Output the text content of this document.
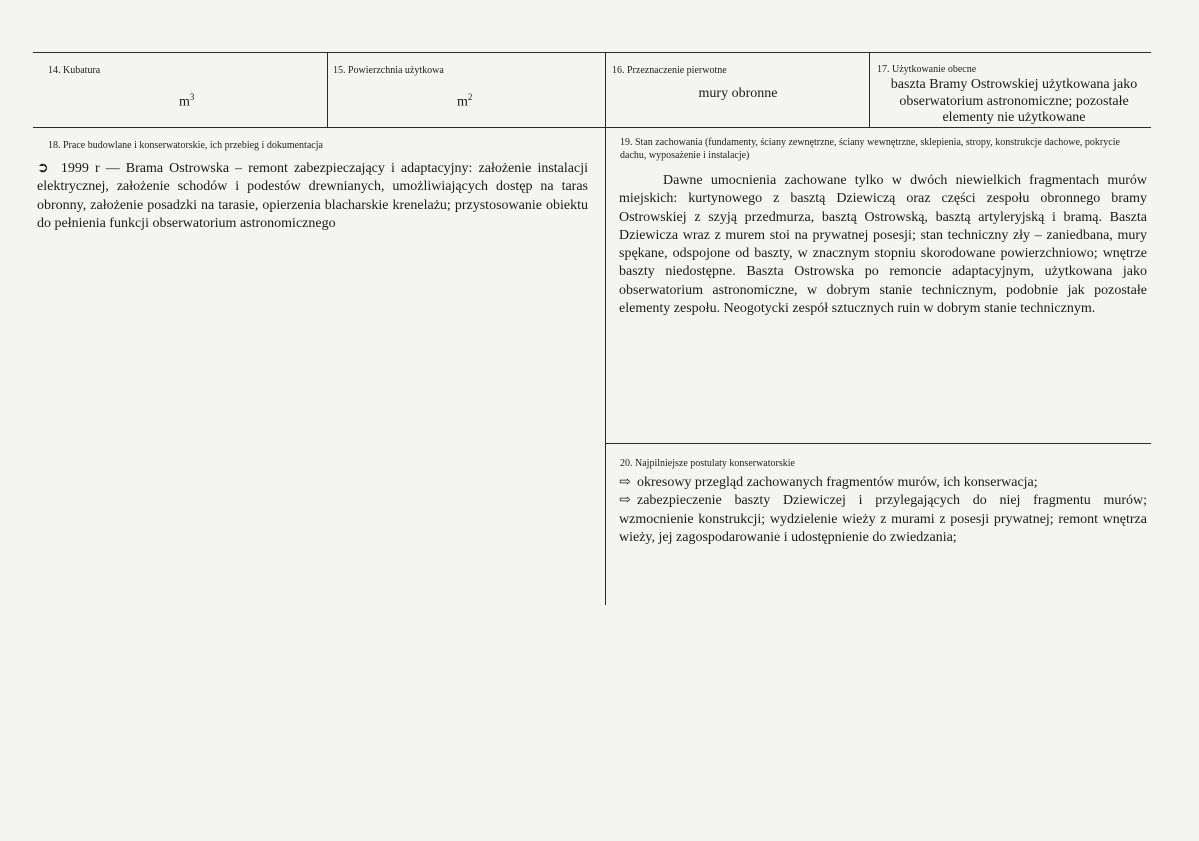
14. Kubatura
$m^3$
15. Powierzchnia użytkowa
$m^2$
16. Przeznaczenie pierwotne
mury obronne
17. Użytkowanie obecne
baszta Bramy Ostrowskiej użytkowana jako obserwatorium astronomiczne; pozostałe elementy nie użytkowane
18. Prace budowlane i konserwatorskie, ich przebieg i dokumentacja
➲ 1999 r — Brama Ostrowska – remont zabezpieczający i adaptacyjny: założenie instalacji elektrycznej, założenie schodów i podestów drewnianych, umożliwiających dostęp na taras obronny, założenie posadzki na tarasie, opierzenia blacharskie krenelażu; przystosowanie obiektu do pełnienia funkcji obserwatorium astronomicznego
19. Stan zachowania (fundamenty, ściany zewnętrzne, ściany wewnętrzne, sklepienia, stropy, konstrukcje dachowe, pokrycie dachu, wyposażenie i instalacje)
Dawne umocnienia zachowane tylko w dwóch niewielkich fragmentach murów miejskich: kurtynowego z basztą Dziewiczą oraz części zespołu obronnego bramy Ostrowskiej z szyją przedmurza, basztą Ostrowską, basztą artyleryjską i bramą. Baszta Dziewicza wraz z murem stoi na prywatnej posesji; stan techniczny zły – zaniedbana, mury spękane, odspojone od baszty, w znacznym stopniu skorodowane powierzchniowo; wnętrze baszty niedostępne. Baszta Ostrowska po remoncie adaptacyjnym, użytkowana jako obserwatorium astronomiczne, w dobrym stanie technicznym, podobnie jak pozostałe elementy zespołu. Neogotycki zespół sztucznych ruin w dobrym stanie technicznym.
20. Najpilniejsze postulaty konserwatorskie
⇨ okresowy przegląd zachowanych fragmentów murów, ich konserwacja;
⇨ zabezpieczenie baszty Dziewiczej i przylegających do niej fragmentu murów; wzmocnienie konstrukcji; wydzielenie wieży z murami z posesji prywatnej; remont wnętrza wieży, jej zagospodarowanie i udostępnienie do zwiedzania;
